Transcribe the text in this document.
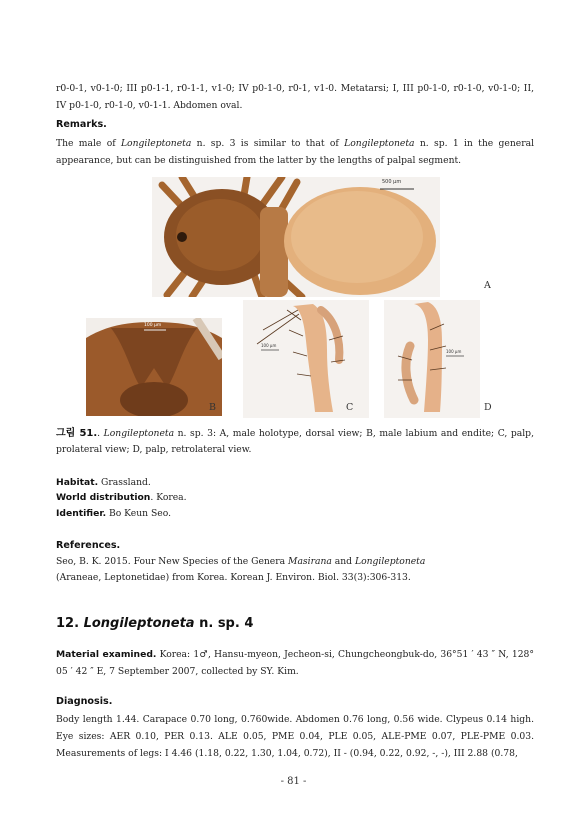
r0-0-1, v0-1-0; III p0-1-1, r0-1-1, v1-0; IV p0-1-0, r0-1, v1-0. Metatarsi; I, III p0-1-0, r0-1-0, v0-1-0; II, IV p0-1-0, r0-1-0, v0-1-1. Abdomen oval.

Remarks.

The male of Longileptoneta n. sp. 3 is similar to that of Longileptoneta n. sp. 1 in the general appearance, but can be distinguished from the latter by the lengths of palpal segment.

500 μm
A
100 μm
B
100 μm
C
100 μm
D

그림 51.. Longileptoneta n. sp. 3: A, male holotype, dorsal view; B, male labium and endite; C, palp, prolateral view; D, palp, retrolateral view.

Habitat. Grassland.
World distribution. Korea.
Identifier. Bo Keun Seo.

References.

Seo, B. K. 2015. Four New Species of the Genera Masirana and Longileptoneta
(Araneae, Leptonetidae) from Korea. Korean J. Environ. Biol. 33(3):306-313.

12. Longileptoneta n. sp. 4

Material examined. Korea: 1♂, Hansu-myeon, Jecheon-si, Chungcheongbuk-do, 36°51 ′ 43 ″ N, 128° 05 ′ 42 ″ E, 7 September 2007, collected by SY. Kim.

Diagnosis.

Body length 1.44. Carapace 0.70 long, 0.760wide. Abdomen 0.76 long, 0.56 wide. Clypeus 0.14 high. Eye sizes: AER 0.10, PER 0.13. ALE 0.05, PME 0.04, PLE 0.05, ALE-PME 0.07, PLE-PME 0.03. Measurements of legs: I 4.46 (1.18, 0.22, 1.30, 1.04, 0.72), II - (0.94, 0.22, 0.92, -, -), III 2.88 (0.78,

- 81 -
